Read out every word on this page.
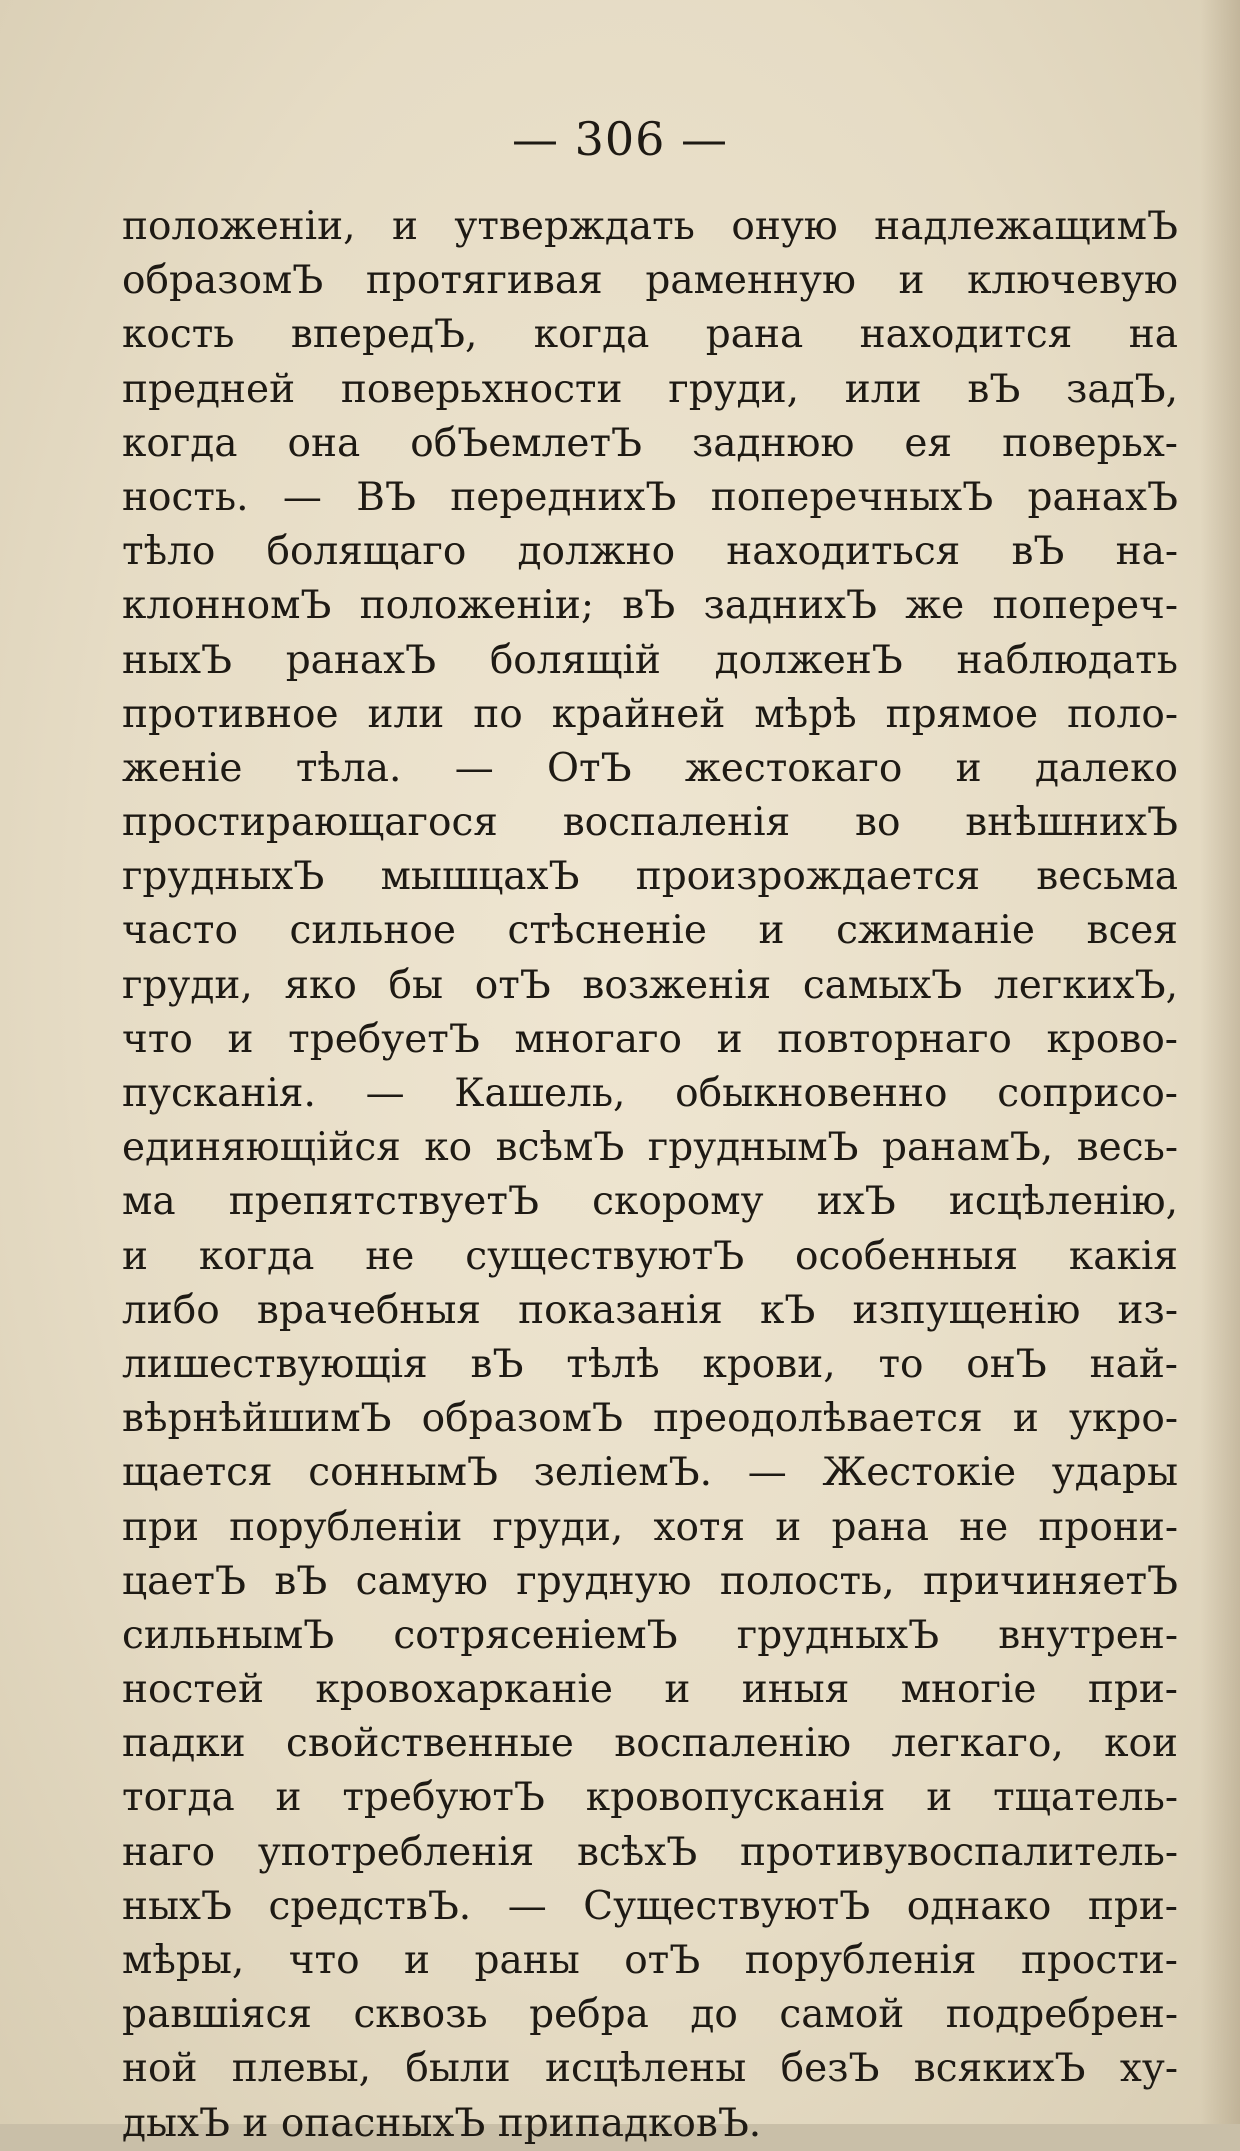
— 306 —
положенiи, и утверждать оную надлежащимЪ
образомЪ протягивая раменную и ключевую
кость впередЪ, когда рана находится на
предней поверьхности груди, или вЪ задЪ,
когда она обЪемлетЪ заднюю ея поверьх-
ность. — ВЪ переднихЪ поперечныхЪ ранахЪ
тѣло болящаго должно находиться вЪ на-
клонномЪ положенiи; вЪ заднихЪ же попереч-
ныхЪ ранахЪ болящiй долженЪ наблюдать
противное или по крайней мѣрѣ прямое поло-
женiе тѣла. — ОтЪ жестокаго и далеко
простирающагося воспаленiя во внѣшнихЪ
грудныхЪ мышцахЪ произрождается весьма
часто сильное стѣсненiе и сжиманiе всея
груди, яко бы отЪ возженiя самыхЪ легкихЪ,
что и требуетЪ многаго и повторнаго крово-
пусканiя. — Кашель, обыкновенно соприсо-
единяющiйся ко всѣмЪ груднымЪ ранамЪ, весь-
ма препятствуетЪ скорому ихЪ исцѣленiю,
и когда не существуютЪ особенныя какiя
либо врачебныя показанiя кЪ изпущенiю из-
лишествующiя вЪ тѣлѣ крови, то онЪ най-
вѣрнѣйшимЪ образомЪ преодолѣвается и укро-
щается соннымЪ зелiемЪ. — Жестокiе удары
при порубленiи груди, хотя и рана не прони-
цаетЪ вЪ самую грудную полость, причиняетЪ
сильнымЪ сотрясенiемЪ грудныхЪ внутрен-
ностей кровохарканiе и иныя многiе при-
падки свойственные воспаленiю легкаго, кои
тогда и требуютЪ кровопусканiя и тщатель-
наго употребленiя всѣхЪ противувоспалитель-
ныхЪ средствЪ. — СуществуютЪ однако при-
мѣры, что и раны отЪ порубленiя прости-
равшiяся сквозь ребра до самой подребрен-
ной плевы, были исцѣлены безЪ всякихЪ ху-
дыхЪ и опасныхЪ припадковЪ.
